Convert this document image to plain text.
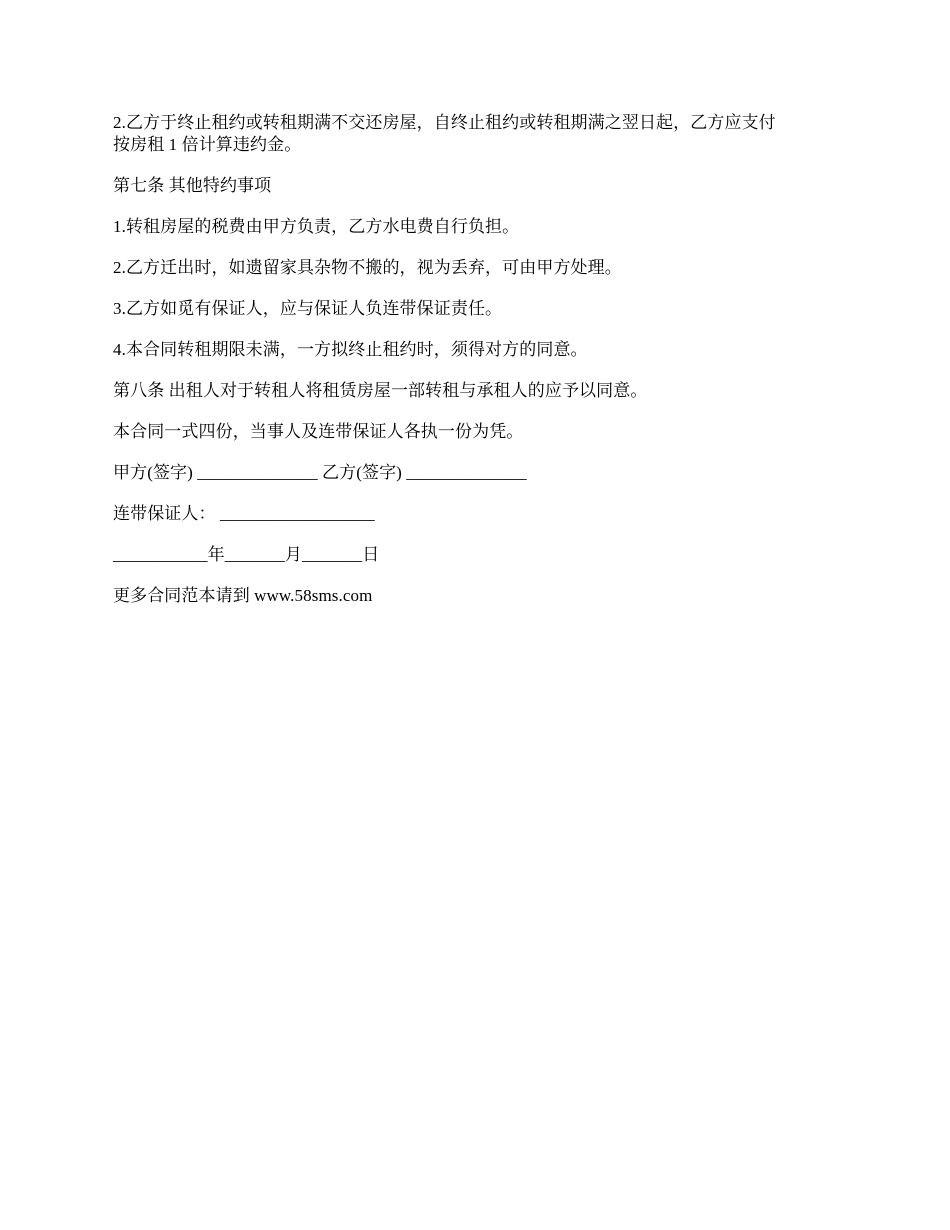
2.乙方于终止租约或转租期满不交还房屋，自终止租约或转租期满之翌日起，乙方应支付
按房租 1 倍计算违约金。

第七条 其他特约事项

1.转租房屋的税费由甲方负责，乙方水电费自行负担。

2.乙方迁出时，如遗留家具杂物不搬的，视为丢弃，可由甲方处理。

3.乙方如觅有保证人，应与保证人负连带保证责任。

4.本合同转租期限未满，一方拟终止租约时，须得对方的同意。

第八条 出租人对于转租人将租赁房屋一部转租与承租人的应予以同意。

本合同一式四份，当事人及连带保证人各执一份为凭。

甲方(签字) ______________ 乙方(签字) ______________

连带保证人： __________________

___________年_______月_______日

更多合同范本请到 www.58sms.com
